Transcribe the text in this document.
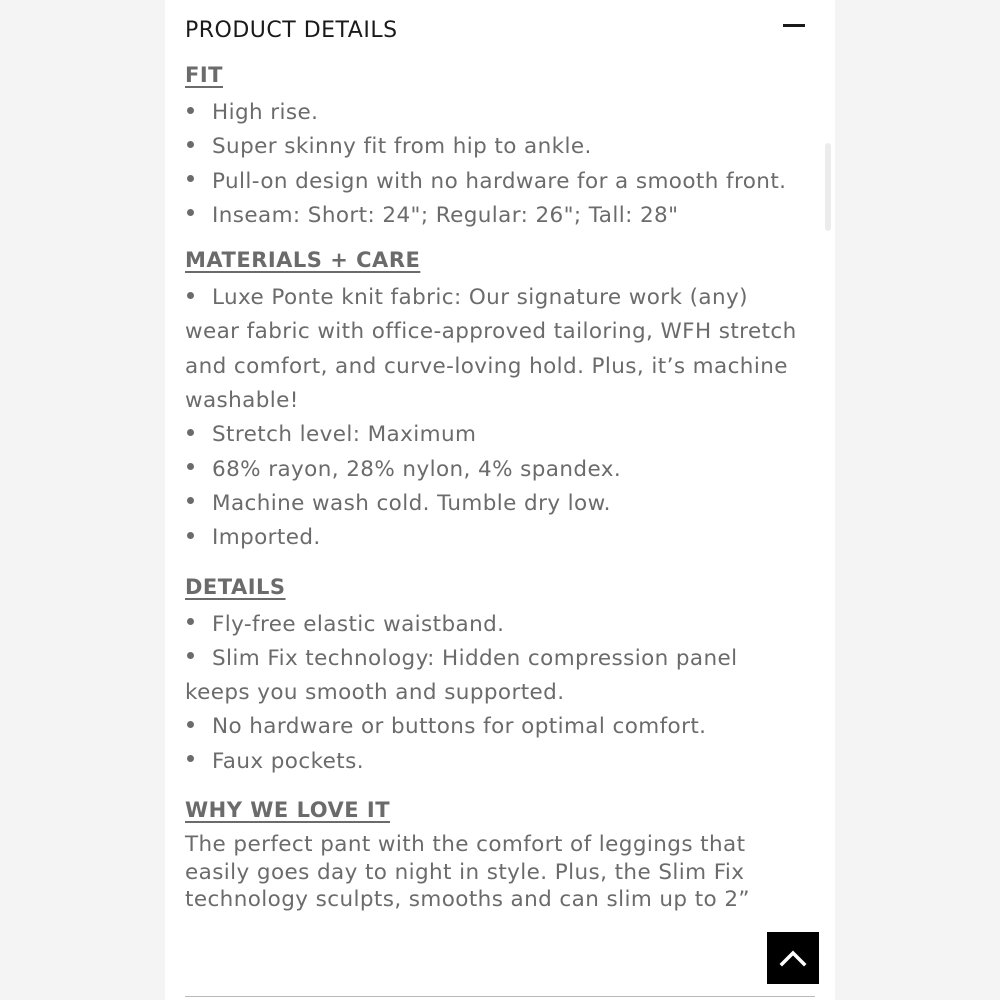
PRODUCT DETAILS
FIT
High rise.
Super skinny fit from hip to ankle.
Pull-on design with no hardware for a smooth front.
Inseam: Short: 24"; Regular: 26"; Tall: 28"
MATERIALS + CARE
Luxe Ponte knit fabric: Our signature work (any) wear fabric with office-approved tailoring, WFH stretch and comfort, and curve-loving hold. Plus, it’s machine washable!
Stretch level: Maximum
68% rayon, 28% nylon, 4% spandex.
Machine wash cold. Tumble dry low.
Imported.
DETAILS
Fly-free elastic waistband.
Slim Fix technology: Hidden compression panel keeps you smooth and supported.
No hardware or buttons for optimal comfort.
Faux pockets.
WHY WE LOVE IT

The perfect pant with the comfort of leggings that easily goes day to night in style. Plus, the Slim Fix technology sculpts, smooths and can slim up to 2”
